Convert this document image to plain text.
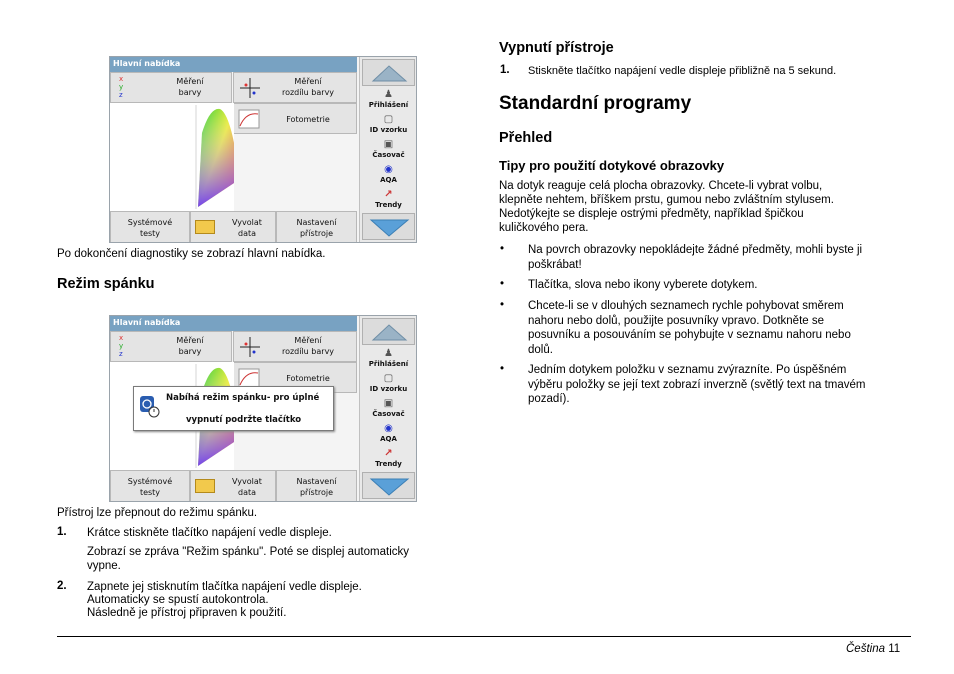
Hlavní nabídka
x
y
z
Měření
barvy
Měření
rozdílu barvy
Fotometrie
Systémové
testy
Vyvolat
data
Nastavení
přístroje
♟
Přihlášení
▢
ID vzorku
▣
Časovač
◉
AQA
↗
Trendy
Po dokončení diagnostiky se zobrazí hlavní nabídka.
Režim spánku
Hlavní nabídka
x
y
z
Měření
barvy
Měření
rozdílu barvy
Fotometrie
Systémové
testy
Vyvolat
data
Nastavení
přístroje
♟
Přihlášení
▢
ID vzorku
▣
Časovač
◉
AQA
↗
Trendy
Nabíhá režim spánku- pro úplné
vypnutí podržte tlačítko
Přístroj lze přepnout do režimu spánku.
1. Krátce stiskněte tlačítko napájení vedle displeje.
Zobrazí se zpráva "Režim spánku". Poté se displej automaticky
vypne.
2. Zapnete jej stisknutím tlačítka napájení vedle displeje.
Automaticky se spustí autokontrola.
Následně je přístroj připraven k použití.
Vypnutí přístroje
1. Stiskněte tlačítko napájení vedle displeje přibližně na 5 sekund.
Standardní programy
Přehled
Tipy pro použití dotykové obrazovky
Na dotyk reaguje celá plocha obrazovky. Chcete-li vybrat volbu,
klepněte nehtem, bříškem prstu, gumou nebo zvláštním stylusem.
Nedotýkejte se displeje ostrými předměty, například špičkou
kuličkového pera.
• Na povrch obrazovky nepokládejte žádné předměty, mohli byste ji
poškrábat!
• Tlačítka, slova nebo ikony vyberete dotykem.
• Chcete-li se v dlouhých seznamech rychle pohybovat směrem
nahoru nebo dolů, použijte posuvníky vpravo. Dotkněte se
posuvníku a posouváním se pohybujte v seznamu nahoru nebo
dolů.
• Jedním dotykem položku v seznamu zvýrazníte. Po úspěšném
výběru položky se její text zobrazí inverzně (světlý text na tmavém
pozadí).
Čeština 11
